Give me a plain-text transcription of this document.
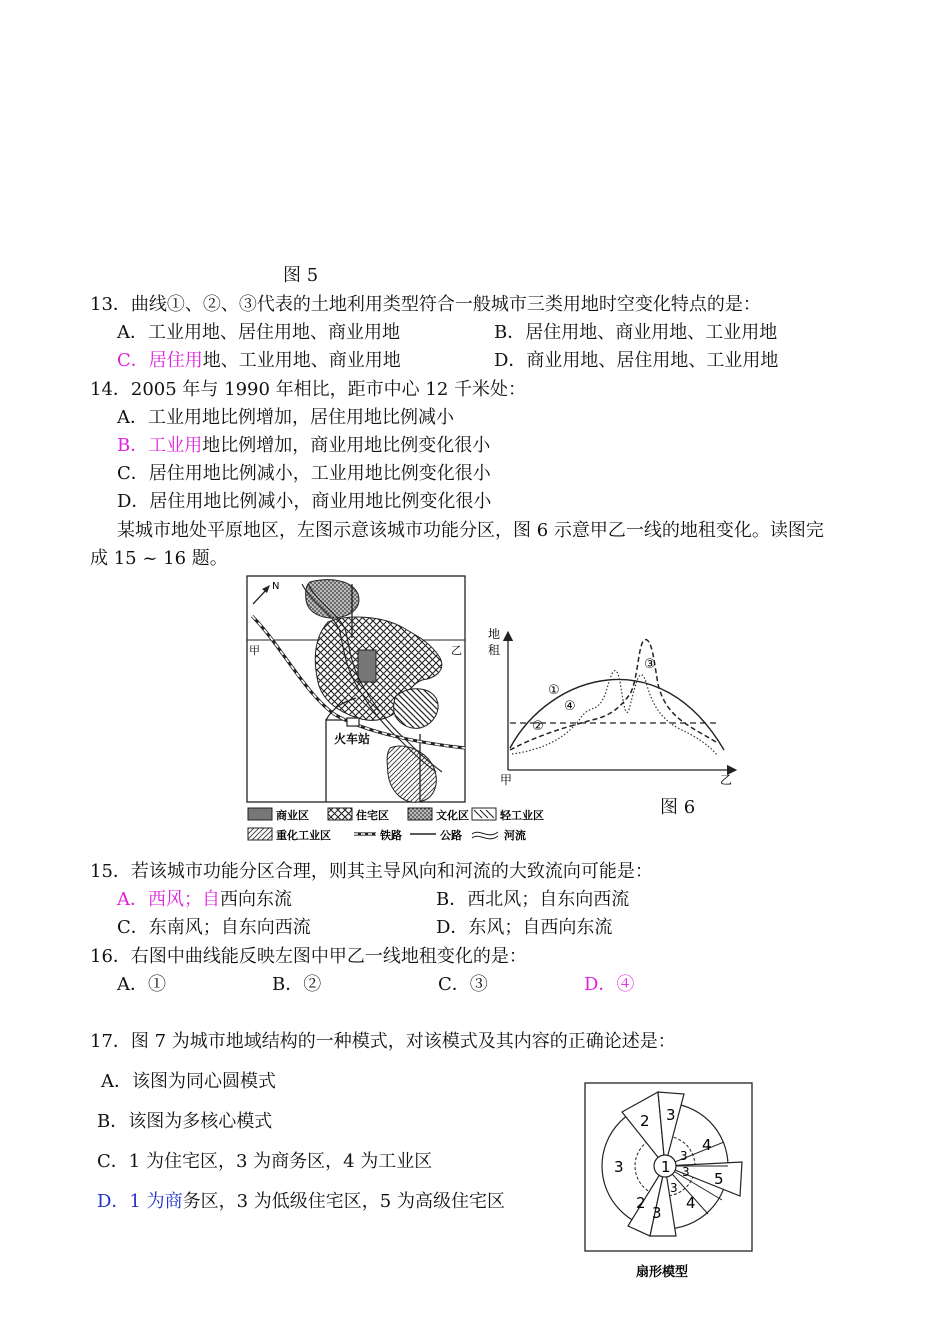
图 5
13．曲线①、②、③代表的土地利用类型符合一般城市三类用地时空变化特点的是：
A．工业用地、居住用地、商业用地	B．居住用地、商业用地、工业用地
C．居住用地、工业用地、商业用地	D．商业用地、居住用地、工业用地
14．2005 年与 1990 年相比，距市中心 12 千米处：
A．工业用地比例增加，居住用地比例减小
B．工业用地比例增加，商业用地比例变化很小
C．居住用地比例减小，工业用地比例变化很小
D．居住用地比例减小，商业用地比例变化很小
某城市地处平原地区，左图示意该城市功能分区，图 6 示意甲乙一线的地租变化。读图完
成 15 ~ 16 题。
甲	乙
N
火车站
商业区	住宅区	文化区
重化工业区	铁路	公路
轻工业区
河流
地
租
甲	乙
①
②
③
④
图 6
15．若该城市功能分区合理，则其主导风向和河流的大致流向可能是：
A．西风；自西向东流	B．西北风；自东向西流
C．东南风；自东向西流	D．东风；自西向东流
16．右图中曲线能反映左图中甲乙一线地租变化的是：
A．①	B．②	C．③	D．④
17．图 7 为城市地域结构的一种模式，对该模式及其内容的正确论述是：
A．该图为同心圆模式
B．该图为多核心模式
C．1 为住宅区，3 为商务区，4 为工业区
D．1 为商务区，3 为低级住宅区，5 为高级住宅区
1
2 3
3
4
5
4
2
3
3
3
3
扇形模型
